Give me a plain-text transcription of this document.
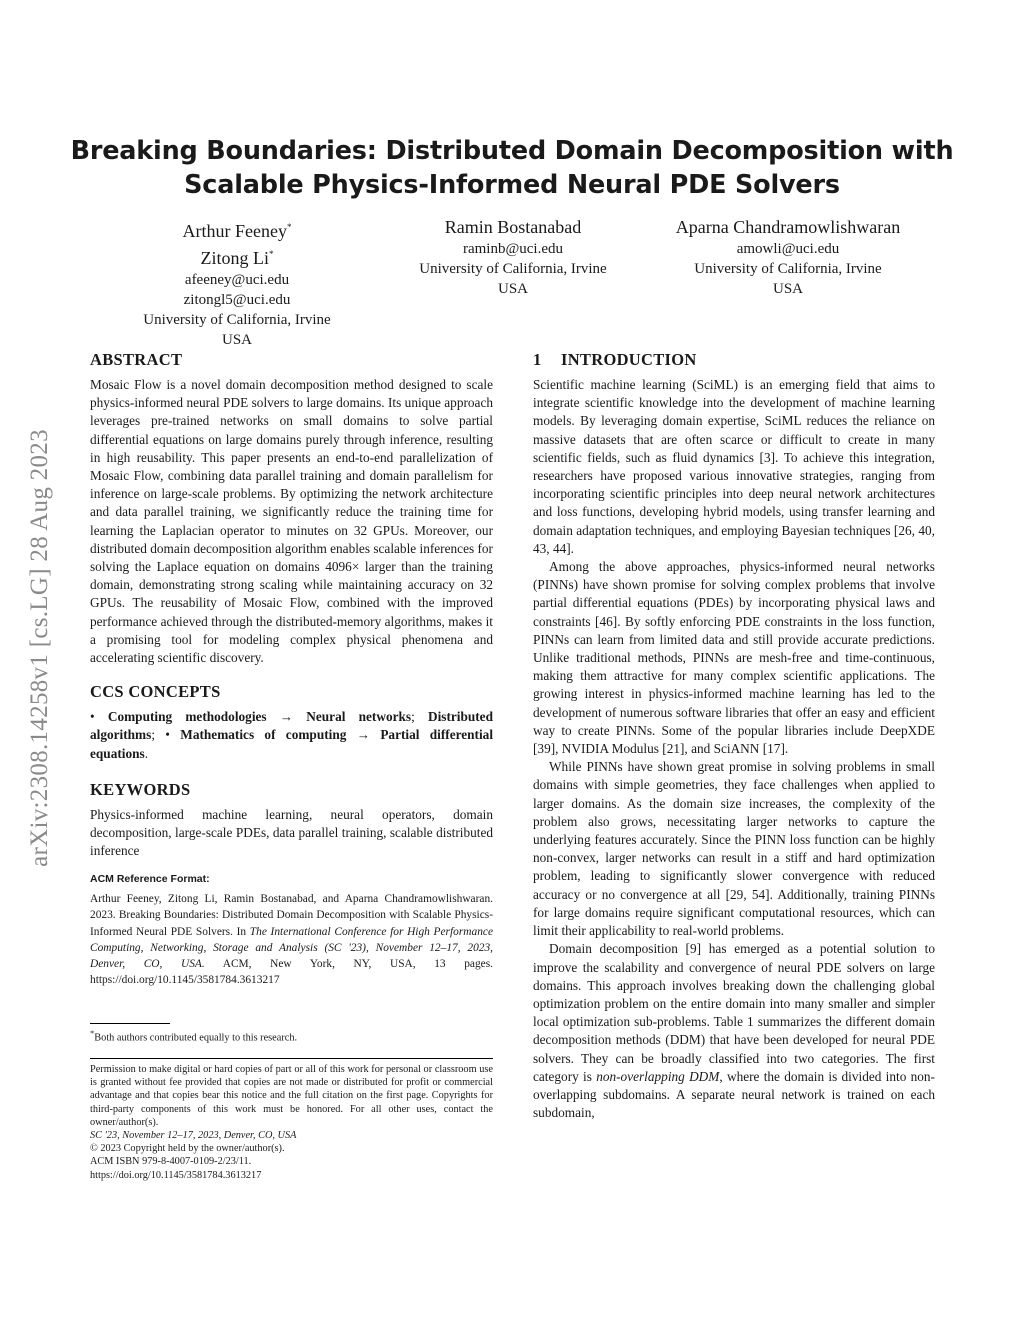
arXiv:2308.14258v1 [cs.LG] 28 Aug 2023
Breaking Boundaries: Distributed Domain Decomposition with
Scalable Physics-Informed Neural PDE Solvers
Arthur Feeney*
Zitong Li*
afeeney@uci.edu
zitongl5@uci.edu
University of California, Irvine
USA
Ramin Bostanabad
raminb@uci.edu
University of California, Irvine
USA
Aparna Chandramowlishwaran
amowli@uci.edu
University of California, Irvine
USA
ABSTRACT

Mosaic Flow is a novel domain decomposition method designed to scale physics-informed neural PDE solvers to large domains. Its unique approach leverages pre-trained networks on small domains to solve partial differential equations on large domains purely through inference, resulting in high reusability. This paper presents an end-to-end parallelization of Mosaic Flow, combining data parallel training and domain parallelism for inference on large-scale problems. By optimizing the network architecture and data parallel training, we significantly reduce the training time for learning the Laplacian operator to minutes on 32 GPUs. Moreover, our distributed domain decomposition algorithm enables scalable inferences for solving the Laplace equation on domains 4096× larger than the training domain, demonstrating strong scaling while maintaining accuracy on 32 GPUs. The reusability of Mosaic Flow, combined with the improved performance achieved through the distributed-memory algorithms, makes it a promising tool for modeling complex physical phenomena and accelerating scientific discovery.

CCS CONCEPTS

• Computing methodologies → Neural networks; Distributed algorithms; • Mathematics of computing → Partial differential equations.

KEYWORDS

Physics-informed machine learning, neural operators, domain decomposition, large-scale PDEs, data parallel training, scalable distributed inference

ACM Reference Format:

Arthur Feeney, Zitong Li, Ramin Bostanabad, and Aparna Chandramowlishwaran. 2023. Breaking Boundaries: Distributed Domain Decomposition with Scalable Physics-Informed Neural PDE Solvers. In The International Conference for High Performance Computing, Networking, Storage and Analysis (SC '23), November 12–17, 2023, Denver, CO, USA. ACM, New York, NY, USA, 13 pages. https://doi.org/10.1145/3581784.3613217

*Both authors contributed equally to this research.

Permission to make digital or hard copies of part or all of this work for personal or classroom use is granted without fee provided that copies are not made or distributed for profit or commercial advantage and that copies bear this notice and the full citation on the first page. Copyrights for third-party components of this work must be honored. For all other uses, contact the owner/author(s).

SC '23, November 12–17, 2023, Denver, CO, USA

© 2023 Copyright held by the owner/author(s).

ACM ISBN 979-8-4007-0109-2/23/11.

https://doi.org/10.1145/3581784.3613217

1 INTRODUCTION

Scientific machine learning (SciML) is an emerging field that aims to integrate scientific knowledge into the development of machine learning models. By leveraging domain expertise, SciML reduces the reliance on massive datasets that are often scarce or difficult to create in many scientific fields, such as fluid dynamics [3]. To achieve this integration, researchers have proposed various innovative strategies, ranging from incorporating scientific principles into deep neural network architectures and loss functions, developing hybrid models, using transfer learning and domain adaptation techniques, and employing Bayesian techniques [26, 40, 43, 44].

Among the above approaches, physics-informed neural networks (PINNs) have shown promise for solving complex problems that involve partial differential equations (PDEs) by incorporating physical laws and constraints [46]. By softly enforcing PDE constraints in the loss function, PINNs can learn from limited data and still provide accurate predictions. Unlike traditional methods, PINNs are mesh-free and time-continuous, making them attractive for many complex scientific applications. The growing interest in physics-informed machine learning has led to the development of numerous software libraries that offer an easy and efficient way to create PINNs. Some of the popular libraries include DeepXDE [39], NVIDIA Modulus [21], and SciANN [17].

While PINNs have shown great promise in solving problems in small domains with simple geometries, they face challenges when applied to larger domains. As the domain size increases, the complexity of the problem also grows, necessitating larger networks to capture the underlying features accurately. Since the PINN loss function can be highly non-convex, larger networks can result in a stiff and hard optimization problem, leading to significantly slower convergence with reduced accuracy or no convergence at all [29, 54]. Additionally, training PINNs for large domains require significant computational resources, which can limit their applicability to real-world problems.

Domain decomposition [9] has emerged as a potential solution to improve the scalability and convergence of neural PDE solvers on large domains. This approach involves breaking down the challenging global optimization problem on the entire domain into many smaller and simpler local optimization sub-problems. Table 1 summarizes the different domain decomposition methods (DDM) that have been developed for neural PDE solvers. They can be broadly classified into two categories. The first category is non-overlapping DDM, where the domain is divided into non-overlapping subdomains. A separate neural network is trained on each subdomain,
